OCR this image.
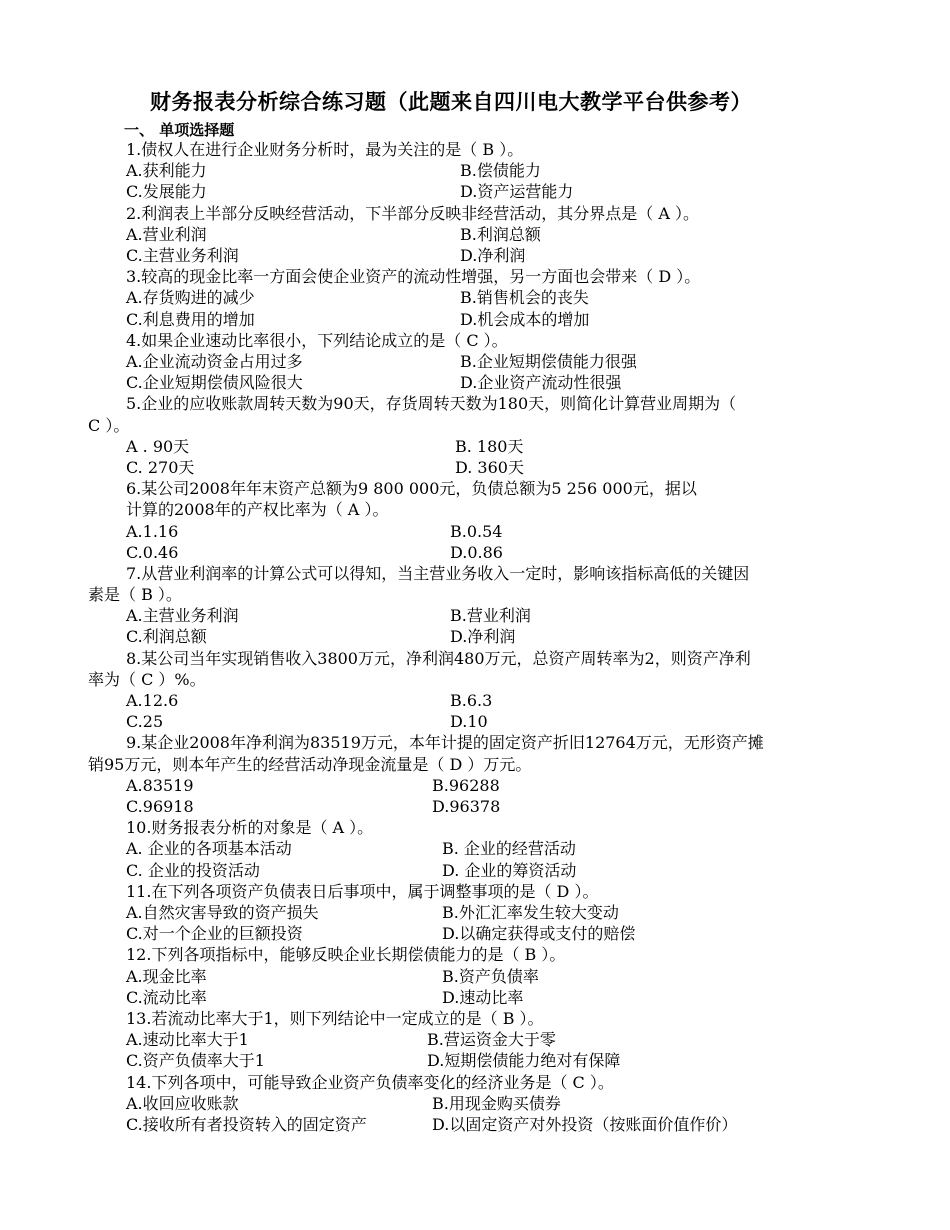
财务报表分析综合练习题（此题来自四川电大教学平台供参考）
一、 单项选择题
1.债权人在进行企业财务分析时，最为关注的是（ B ）。
A.获利能力	B.偿债能力
C.发展能力	D.资产运营能力
2.利润表上半部分反映经营活动，下半部分反映非经营活动，其分界点是（ A ）。
A.营业利润	B.利润总额
C.主营业务利润	D.净利润
3.较高的现金比率一方面会使企业资产的流动性增强，另一方面也会带来（ D ）。
A.存货购进的减少	B.销售机会的丧失
C.利息费用的增加	D.机会成本的增加
4.如果企业速动比率很小，下列结论成立的是（ C ）。
A.企业流动资金占用过多	B.企业短期偿债能力很强
C.企业短期偿债风险很大	D.企业资产流动性很强
5.企业的应收账款周转天数为90天，存货周转天数为180天，则简化计算营业周期为（
C ）。
A . 90天	B. 180天
C. 270天	D. 360天
6.某公司2008年年末资产总额为9 800 000元，负债总额为5 256 000元，据以
计算的2008年的产权比率为（ A ）。
A.1.16	B.0.54
C.0.46	D.0.86
7.从营业利润率的计算公式可以得知，当主营业务收入一定时，影响该指标高低的关键因
素是（ B ）。
A.主营业务利润	B.营业利润
C.利润总额	D.净利润
8.某公司当年实现销售收入3800万元，净利润480万元，总资产周转率为2，则资产净利
率为（ C ）%。
A.12.6	B.6.3
C.25	D.10
9.某企业2008年净利润为83519万元，本年计提的固定资产折旧12764万元，无形资产摊
销95万元，则本年产生的经营活动净现金流量是（ D ）万元。
A.83519	B.96288
C.96918	D.96378
10.财务报表分析的对象是（ A ）。
A. 企业的各项基本活动	B. 企业的经营活动
C. 企业的投资活动	D. 企业的筹资活动
11.在下列各项资产负债表日后事项中，属于调整事项的是（ D ）。
A.自然灾害导致的资产损失	B.外汇汇率发生较大变动
C.对一个企业的巨额投资	D.以确定获得或支付的赔偿
12.下列各项指标中，能够反映企业长期偿债能力的是（ B ）。
A.现金比率	B.资产负债率
C.流动比率	D.速动比率
13.若流动比率大于1，则下列结论中一定成立的是（ B ）。
A.速动比率大于1	B.营运资金大于零
C.资产负债率大于1	D.短期偿债能力绝对有保障
14.下列各项中，可能导致企业资产负债率变化的经济业务是（ C ）。
A.收回应收账款	B.用现金购买债券
C.接收所有者投资转入的固定资产	D.以固定资产对外投资（按账面价值作价）
